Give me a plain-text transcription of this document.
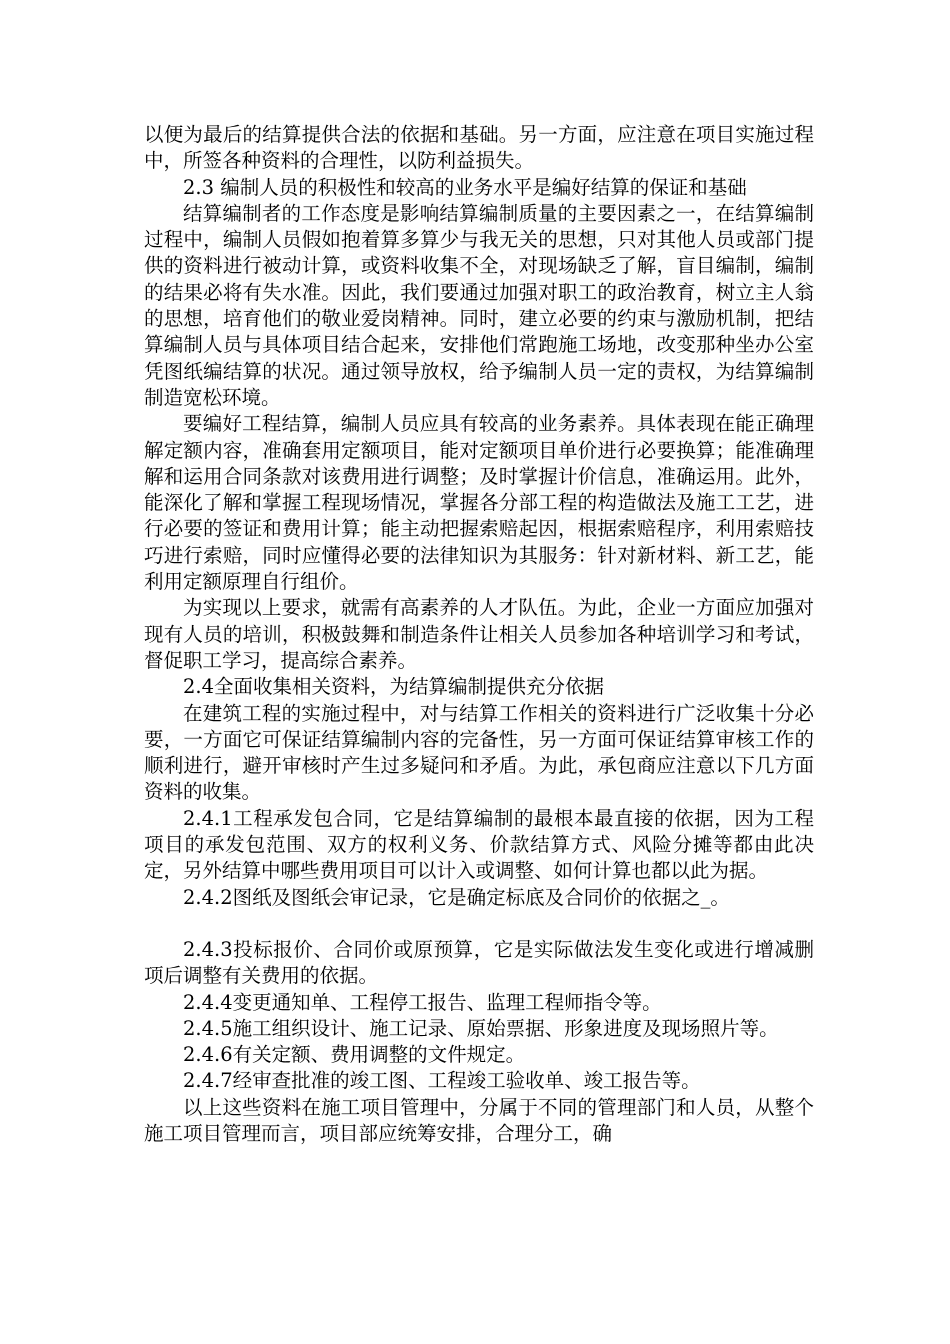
以便为最后的结算提供合法的依据和基础。另一方面，应注意在项目实施过程中，所签各种资料的合理性，以防利益损失。

2.3 编制人员的积极性和较高的业务水平是编好结算的保证和基础

结算编制者的工作态度是影响结算编制质量的主要因素之一，在结算编制过程中，编制人员假如抱着算多算少与我无关的思想，只对其他人员或部门提供的资料进行被动计算，或资料收集不全，对现场缺乏了解，盲目编制，编制的结果必将有失水准。因此，我们要通过加强对职工的政治教育，树立主人翁的思想，培育他们的敬业爱岗精神。同时，建立必要的约束与激励机制，把结算编制人员与具体项目结合起来，安排他们常跑施工场地，改变那种坐办公室凭图纸编结算的状况。通过领导放权，给予编制人员一定的责权，为结算编制制造宽松环境。

要编好工程结算，编制人员应具有较高的业务素养。具体表现在能正确理解定额内容，准确套用定额项目，能对定额项目单价进行必要换算；能准确理解和运用合同条款对该费用进行调整；及时掌握计价信息，准确运用。此外，能深化了解和掌握工程现场情况，掌握各分部工程的构造做法及施工工艺，进行必要的签证和费用计算；能主动把握索赔起因，根据索赔程序，利用索赔技巧进行索赔，同时应懂得必要的法律知识为其服务：针对新材料、新工艺，能利用定额原理自行组价。

为实现以上要求，就需有高素养的人才队伍。为此，企业一方面应加强对现有人员的培训，积极鼓舞和制造条件让相关人员参加各种培训学习和考试，督促职工学习，提高综合素养。

2.4全面收集相关资料，为结算编制提供充分依据

在建筑工程的实施过程中，对与结算工作相关的资料进行广泛收集十分必要，一方面它可保证结算编制内容的完备性，另一方面可保证结算审核工作的顺利进行，避开审核时产生过多疑问和矛盾。为此，承包商应注意以下几方面资料的收集。

2.4.1工程承发包合同，它是结算编制的最根本最直接的依据，因为工程项目的承发包范围、双方的权利义务、价款结算方式、风险分摊等都由此决定，另外结算中哪些费用项目可以计入或调整、如何计算也都以此为据。

2.4.2图纸及图纸会审记录，它是确定标底及合同价的依据之_。

2.4.3投标报价、合同价或原预算，它是实际做法发生变化或进行增减删项后调整有关费用的依据。

2.4.4变更通知单、工程停工报告、监理工程师指令等。

2.4.5施工组织设计、施工记录、原始票据、形象进度及现场照片等。

2.4.6有关定额、费用调整的文件规定。

2.4.7经审查批准的竣工图、工程竣工验收单、竣工报告等。

以上这些资料在施工项目管理中，分属于不同的管理部门和人员，从整个施工项目管理而言，项目部应统筹安排，合理分工，确
